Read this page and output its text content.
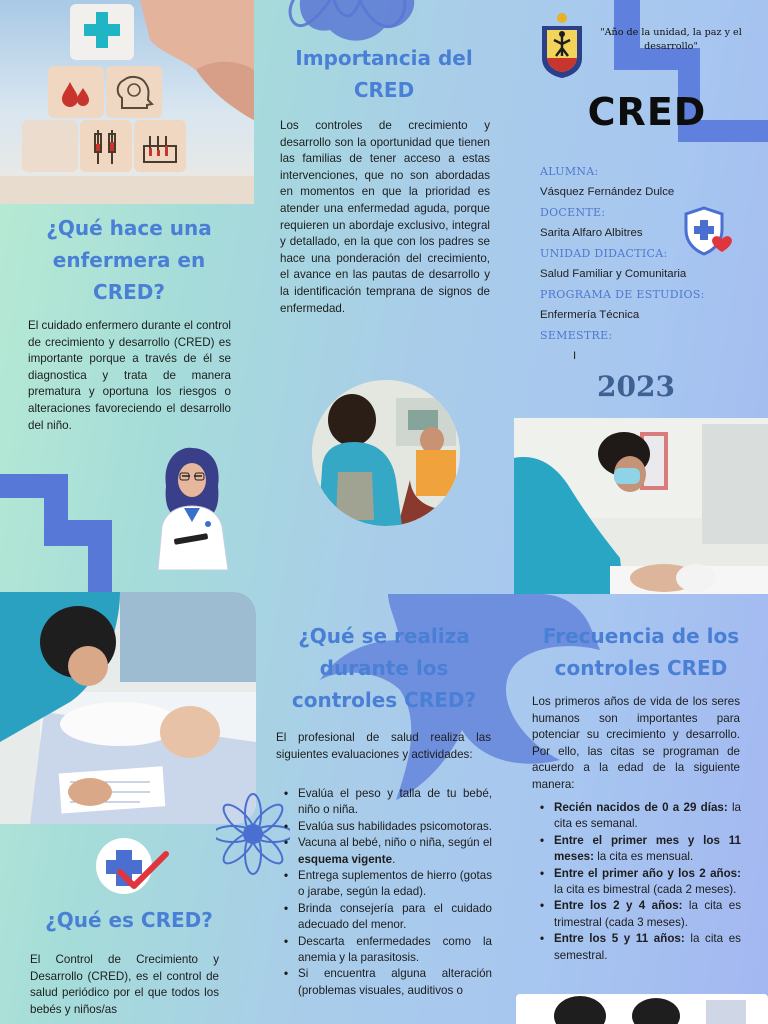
¿Qué hace una enfermera en CRED?

El cuidado enfermero durante el control de crecimiento y desarrollo (CRED) es importante porque a través de él se diagnostica y trata de manera prematura y oportuna los riesgos o alteraciones favoreciendo el desarrollo del niño.

¿Qué es CRED?

El Control de Crecimiento y Desarrollo (CRED), es el control de salud periódico por el que todos los bebés y niños/as

Importancia del CRED

Los controles de crecimiento y desarrollo son la oportunidad que tienen las familias de tener acceso a estas intervenciones, que no son abordadas en momentos en que la prioridad es atender una enfermedad aguda, porque requieren un abordaje exclusivo, integral y detallado, en la que con los padres se hace una ponderación del crecimiento, el avance en las pautas de desarrollo y la identificación temprana de signos de enfermedad.

¿Qué se realiza durante los controles CRED?

El profesional de salud realiza las siguientes evaluaciones y actividades:

• Evalúa el peso y talla de tu bebé, niño o niña.
• Evalúa sus habilidades psicomotoras.
• Vacuna al bebé, niño o niña, según el esquema vigente.
• Entrega suplementos de hierro (gotas o jarabe, según la edad).
• Brinda consejería para el cuidado adecuado del menor.
• Descarta enfermedades como la anemia y la parasitosis.
• Si encuentra alguna alteración (problemas visuales, auditivos o
"Año de la unidad, la paz y el desarrollo"
CRED
ALUMNA:
Vásquez Fernández Dulce
DOCENTE:
Sarita Alfaro Albitres
UNIDAD DIDACTICA:
Salud Familiar y Comunitaria
PROGRAMA DE ESTUDIOS:
Enfermería Técnica
SEMESTRE:
I
2023
Frecuencia de los controles CRED

Los primeros años de vida de los seres humanos son importantes para potenciar su crecimiento y desarrollo. Por ello, las citas se programan de acuerdo a la edad de la siguiente manera:

• Recién nacidos de 0 a 29 días: la cita es semanal.
• Entre el primer mes y los 11 meses: la cita es mensual.
• Entre el primer año y los 2 años: la cita es bimestral (cada 2 meses).
• Entre los 2 y 4 años: la cita es trimestral (cada 3 meses).
• Entre los 5 y 11 años: la cita es semestral.
